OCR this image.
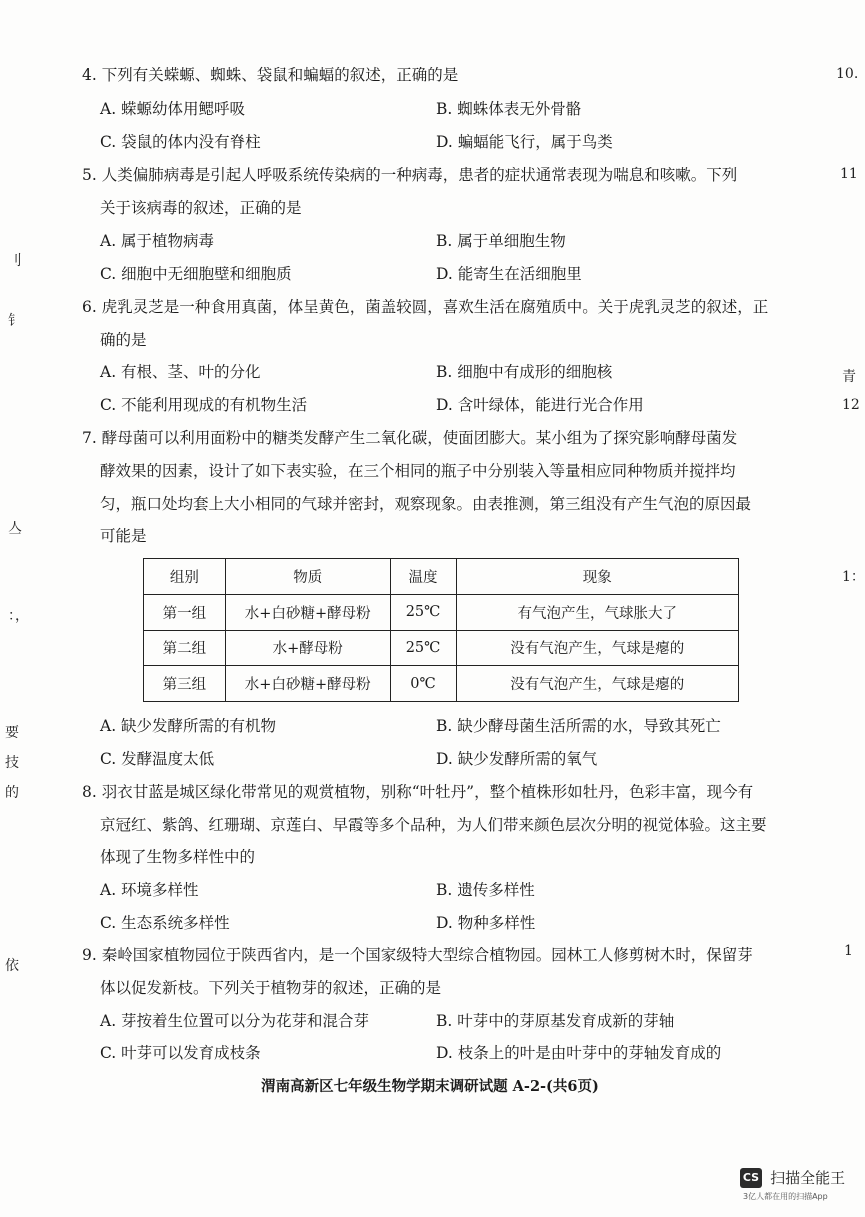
刂
钅
亼
：，
要
技
的
依
10.
11
青
12
1：
1
4. 下列有关蝾螈、蜘蛛、袋鼠和蝙蝠的叙述，正确的是
A. 蝾螈幼体用鳃呼吸	B. 蜘蛛体表无外骨骼
C. 袋鼠的体内没有脊柱	D. 蝙蝠能飞行，属于鸟类
5. 人类偏肺病毒是引起人呼吸系统传染病的一种病毒，患者的症状通常表现为喘息和咳嗽。下列
关于该病毒的叙述，正确的是
A. 属于植物病毒	B. 属于单细胞生物
C. 细胞中无细胞壁和细胞质	D. 能寄生在活细胞里
6. 虎乳灵芝是一种食用真菌，体呈黄色，菌盖较圆，喜欢生活在腐殖质中。关于虎乳灵芝的叙述，正
确的是
A. 有根、茎、叶的分化	B. 细胞中有成形的细胞核
C. 不能利用现成的有机物生活	D. 含叶绿体，能进行光合作用
7. 酵母菌可以利用面粉中的糖类发酵产生二氧化碳，使面团膨大。某小组为了探究影响酵母菌发
酵效果的因素，设计了如下表实验，在三个相同的瓶子中分别装入等量相应同种物质并搅拌均
匀，瓶口处均套上大小相同的气球并密封，观察现象。由表推测，第三组没有产生气泡的原因最
可能是
组别	物质	温度	现象
第一组	水+白砂糖+酵母粉	25℃	有气泡产生，气球胀大了
第二组	水+酵母粉	25℃	没有气泡产生，气球是瘪的
第三组	水+白砂糖+酵母粉	0℃	没有气泡产生，气球是瘪的
A. 缺少发酵所需的有机物	B. 缺少酵母菌生活所需的水，导致其死亡
C. 发酵温度太低	D. 缺少发酵所需的氧气
8. 羽衣甘蓝是城区绿化带常见的观赏植物，别称“叶牡丹”，整个植株形如牡丹，色彩丰富，现今有
京冠红、紫鸽、红珊瑚、京莲白、早霞等多个品种，为人们带来颜色层次分明的视觉体验。这主要
体现了生物多样性中的
A. 环境多样性	B. 遗传多样性
C. 生态系统多样性	D. 物种多样性
9. 秦岭国家植物园位于陕西省内，是一个国家级特大型综合植物园。园林工人修剪树木时，保留芽
体以促发新枝。下列关于植物芽的叙述，正确的是
A. 芽按着生位置可以分为花芽和混合芽	B. 叶芽中的芽原基发育成新的芽轴
C. 叶芽可以发育成枝条	D. 枝条上的叶是由叶芽中的芽轴发育成的
渭南高新区七年级生物学期末调研试题 A-2-(共6页)
CS 扫描全能王
3亿人都在用的扫描App
